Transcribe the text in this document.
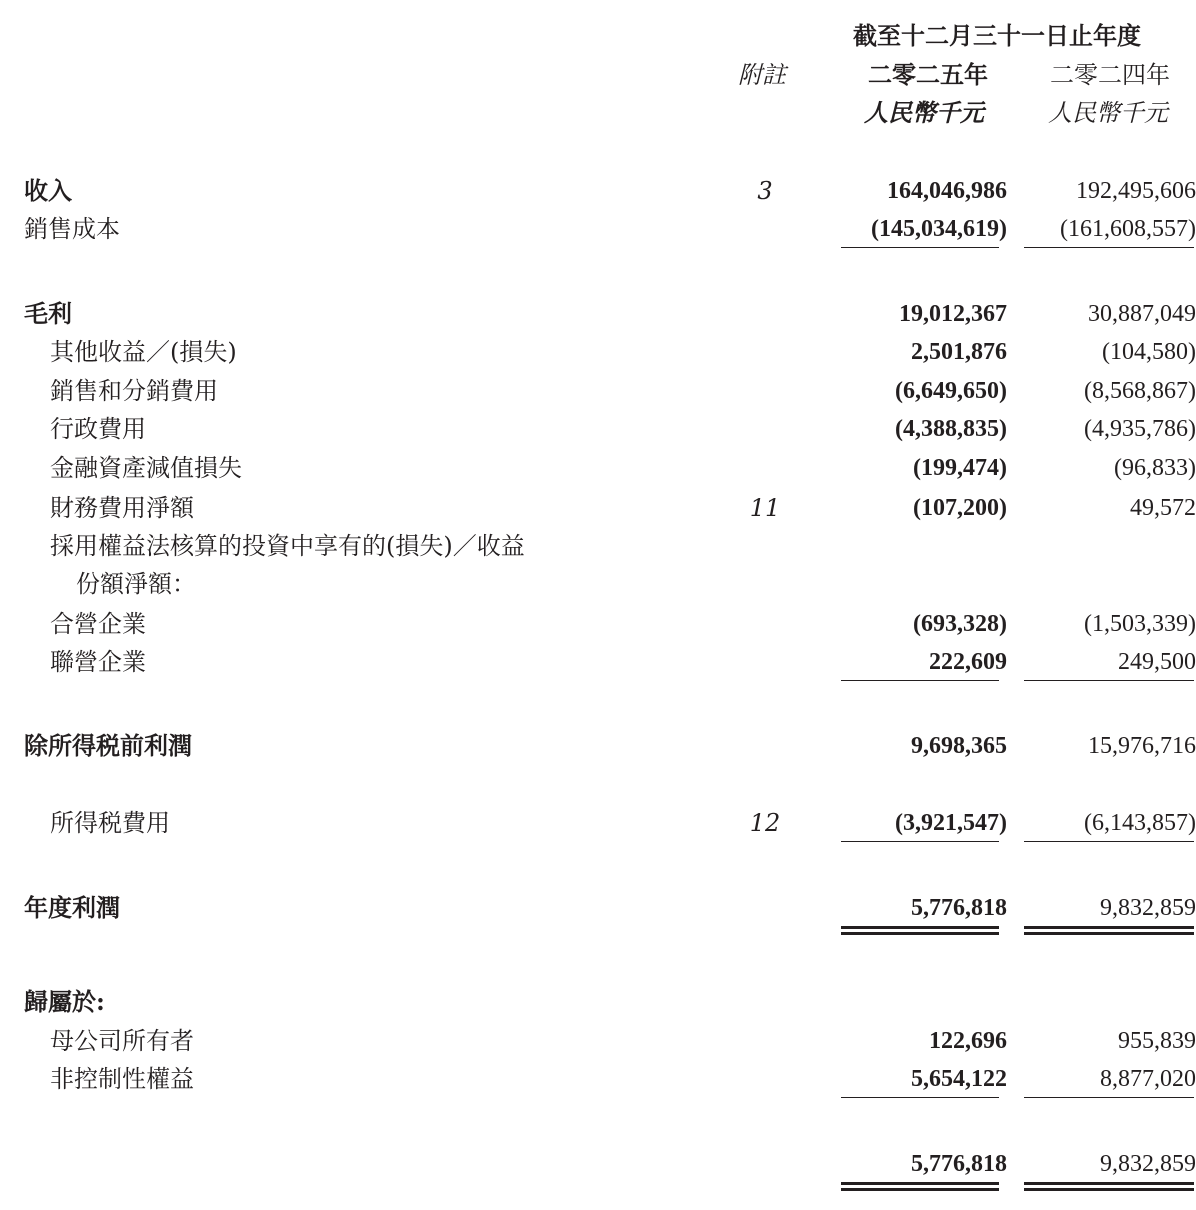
截至十二月三十一日止年度
附註	二零二五年	二零二四年
人民幣千元	人民幣千元
收入	3	164,046,986	192,495,606
銷售成本	(145,034,619) (161,608,557)
毛利	19,012,367	30,887,049
其他收益／(損失)	2,501,876	(104,580)
銷售和分銷費用	(6,649,650)	(8,568,867)
行政費用	(4,388,835)	(4,935,786)
金融資產減值損失	(199,474)	(96,833)
財務費用淨額	11	(107,200)	49,572
採用權益法核算的投資中享有的(損失)／收益
份額淨額：
合營企業	(693,328)	(1,503,339)
聯營企業	222,609	249,500
除所得税前利潤	9,698,365	15,976,716
所得税費用	12	(3,921,547)	(6,143,857)
年度利潤	5,776,818	9,832,859
歸屬於:
母公司所有者	122,696	955,839
非控制性權益	5,654,122	8,877,020
5,776,818	9,832,859
